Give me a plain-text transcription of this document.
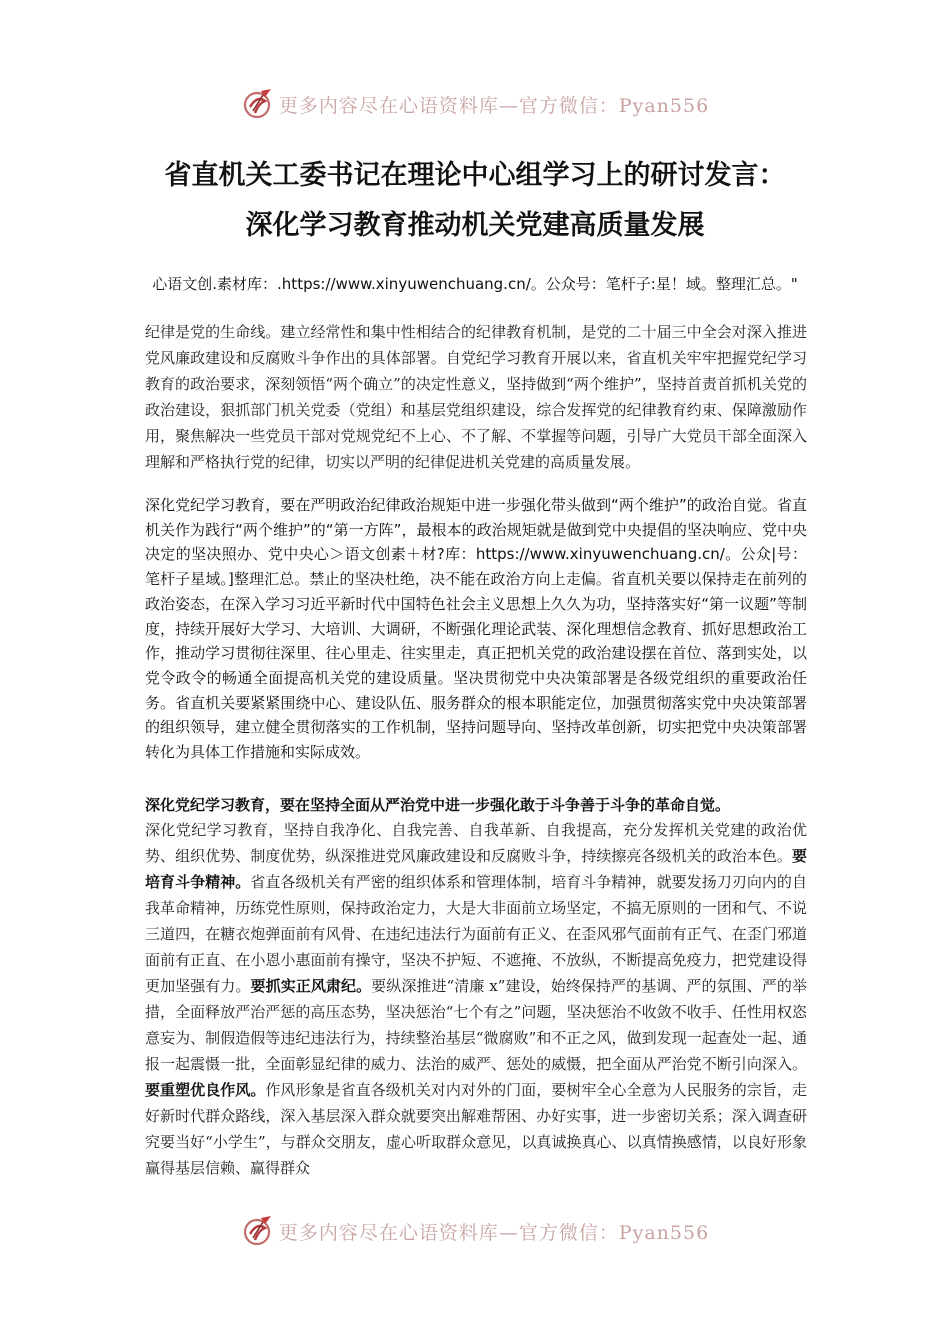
更多内容尽在心语资料库—官方微信：Pyan556
省直机关工委书记在理论中心组学习上的研讨发言：
深化学习教育推动机关党建高质量发展

心语文创.素材库：.https://www.xinyuwenchuang.cn/。公众号：笔杆子:星！域。整理汇总。"

纪律是党的生命线。建立经常性和集中性相结合的纪律教育机制，是党的二十届三中全会对深入推进党风廉政建设和反腐败斗争作出的具体部署。自党纪学习教育开展以来，省直机关牢牢把握党纪学习教育的政治要求，深刻领悟“两个确立”的决定性意义，坚持做到“两个维护”，坚持首责首抓机关党的政治建设，狠抓部门机关党委（党组）和基层党组织建设，综合发挥党的纪律教育约束、保障激励作用，聚焦解决一些党员干部对党规党纪不上心、不了解、不掌握等问题，引导广大党员干部全面深入理解和严格执行党的纪律，切实以严明的纪律促进机关党建的高质量发展。

深化党纪学习教育，要在严明政治纪律政治规矩中进一步强化带头做到“两个维护”的政治自觉。省直机关作为践行“两个维护”的“第一方阵”，最根本的政治规矩就是做到党中央提倡的坚决响应、党中央决定的坚决照办、党中央心＞语文创素＋材?库：https://www.xinyuwenchuang.cn/。公众|号：笔杆子星域。]整理汇总。禁止的坚决杜绝，决不能在政治方向上走偏。省直机关要以保持走在前列的政治姿态，在深入学习习近平新时代中国特色社会主义思想上久久为功，坚持落实好“第一议题”等制度，持续开展好大学习、大培训、大调研，不断强化理论武装、深化理想信念教育、抓好思想政治工作，推动学习贯彻往深里、往心里走、往实里走，真正把机关党的政治建设摆在首位、落到实处，以党令政令的畅通全面提高机关党的建设质量。坚决贯彻党中央决策部署是各级党组织的重要政治任务。省直机关要紧紧围绕中心、建设队伍、服务群众的根本职能定位，加强贯彻落实党中央决策部署的组织领导，建立健全贯彻落实的工作机制，坚持问题导向、坚持改革创新，切实把党中央决策部署转化为具体工作措施和实际成效。

深化党纪学习教育，要在坚持全面从严治党中进一步强化敢于斗争善于斗争的革命自觉。

深化党纪学习教育，坚持自我净化、自我完善、自我革新、自我提高，充分发挥机关党建的政治优势、组织优势、制度优势，纵深推进党风廉政建设和反腐败斗争，持续擦亮各级机关的政治本色。要培育斗争精神。省直各级机关有严密的组织体系和管理体制，培育斗争精神，就要发扬刀刃向内的自我革命精神，历练党性原则，保持政治定力，大是大非面前立场坚定，不搞无原则的一团和气、不说三道四，在糖衣炮弹面前有风骨、在违纪违法行为面前有正义、在歪风邪气面前有正气、在歪门邪道面前有正直、在小恩小惠面前有操守，坚决不护短、不遮掩、不放纵，不断提高免疫力，把党建设得更加坚强有力。要抓实正风肃纪。要纵深推进“清廉 x”建设，始终保持严的基调、严的氛围、严的举措，全面释放严治严惩的高压态势，坚决惩治“七个有之”问题，坚决惩治不收敛不收手、任性用权恣意妄为、制假造假等违纪违法行为，持续整治基层“微腐败”和不正之风，做到发现一起查处一起、通报一起震慑一批，全面彰显纪律的威力、法治的威严、惩处的威慑，把全面从严治党不断引向深入。要重塑优良作风。作风形象是省直各级机关对内对外的门面，要树牢全心全意为人民服务的宗旨，走好新时代群众路线，深入基层深入群众就要突出解难帮困、办好实事，进一步密切关系；深入调查研究要当好“小学生”，与群众交朋友，虚心听取群众意见，以真诚换真心、以真情换感情，以良好形象赢得基层信赖、赢得群众

更多内容尽在心语资料库—官方微信：Pyan556
